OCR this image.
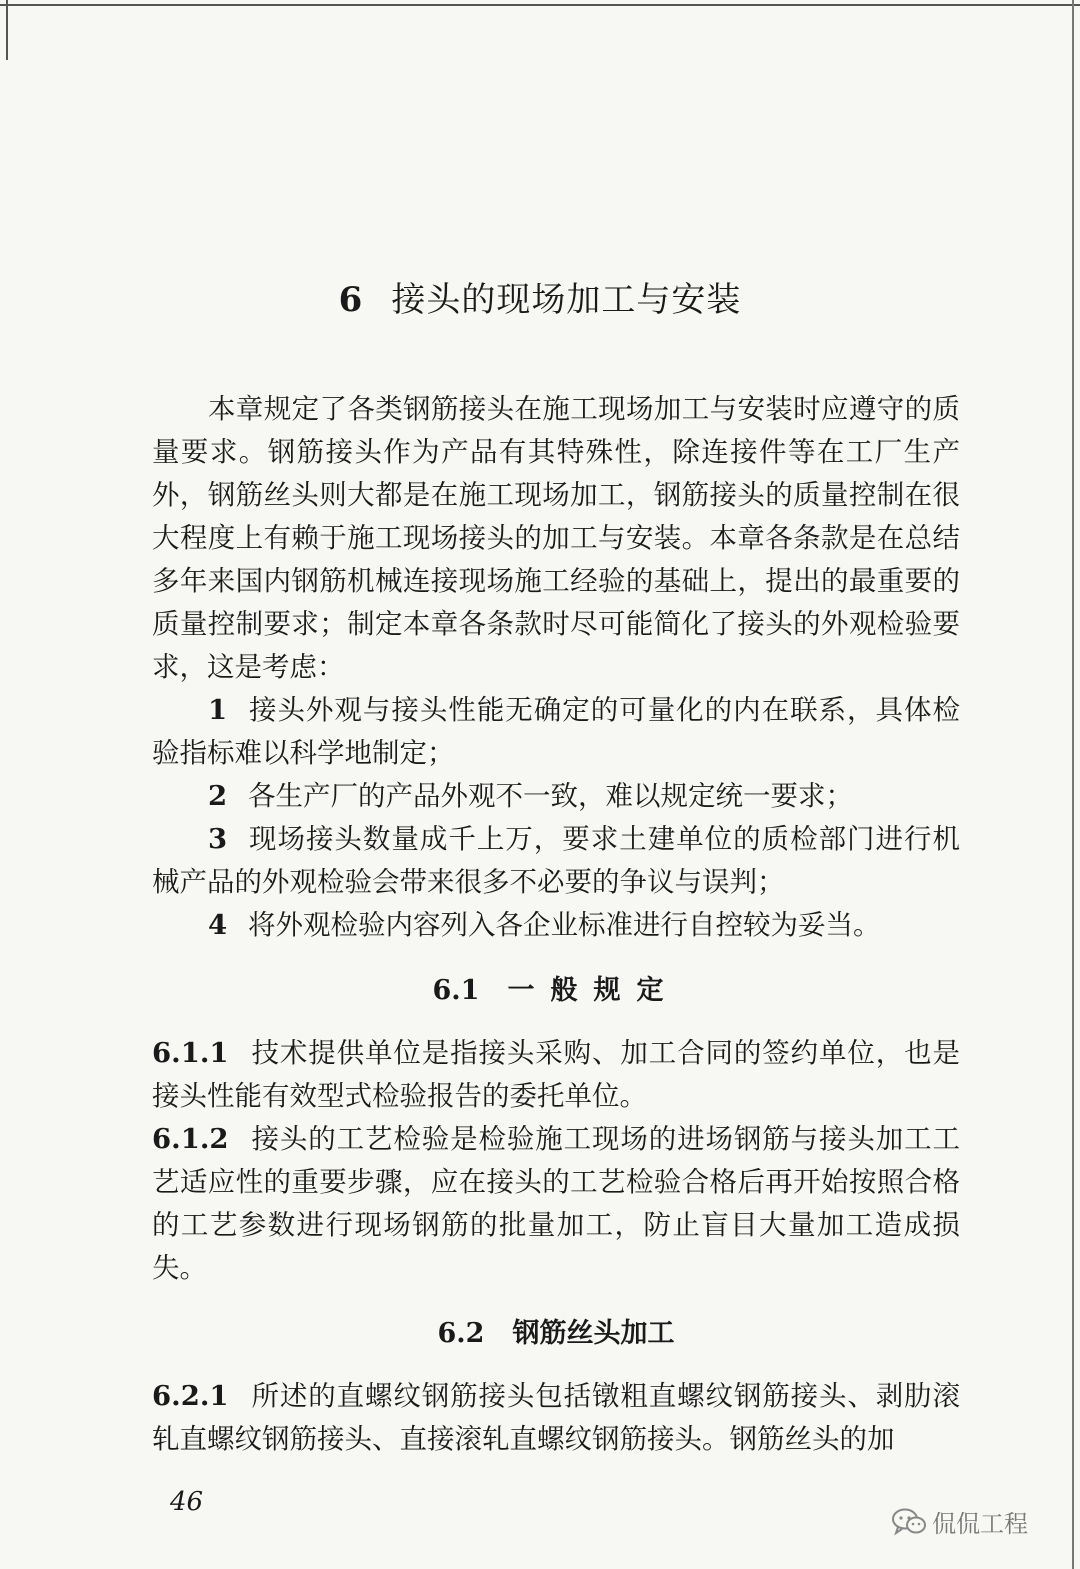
6 接头的现场加工与安装

本章规定了各类钢筋接头在施工现场加工与安装时应遵守的质量要求。钢筋接头作为产品有其特殊性，除连接件等在工厂生产外，钢筋丝头则大都是在施工现场加工，钢筋接头的质量控制在很大程度上有赖于施工现场接头的加工与安装。本章各条款是在总结多年来国内钢筋机械连接现场施工经验的基础上，提出的最重要的质量控制要求；制定本章各条款时尽可能简化了接头的外观检验要求，这是考虑：

1 接头外观与接头性能无确定的可量化的内在联系，具体检验指标难以科学地制定；

2 各生产厂的产品外观不一致，难以规定统一要求；

3 现场接头数量成千上万，要求土建单位的质检部门进行机械产品的外观检验会带来很多不必要的争议与误判；

4 将外观检验内容列入各企业标准进行自控较为妥当。

6.1 一般规定

6.1.1 技术提供单位是指接头采购、加工合同的签约单位，也是接头性能有效型式检验报告的委托单位。

6.1.2 接头的工艺检验是检验施工现场的进场钢筋与接头加工工艺适应性的重要步骤，应在接头的工艺检验合格后再开始按照合格的工艺参数进行现场钢筋的批量加工，防止盲目大量加工造成损失。

6.2 钢筋丝头加工

6.2.1 所述的直螺纹钢筋接头包括镦粗直螺纹钢筋接头、剥肋滚轧直螺纹钢筋接头、直接滚轧直螺纹钢筋接头。钢筋丝头的加

46
侃侃工程
